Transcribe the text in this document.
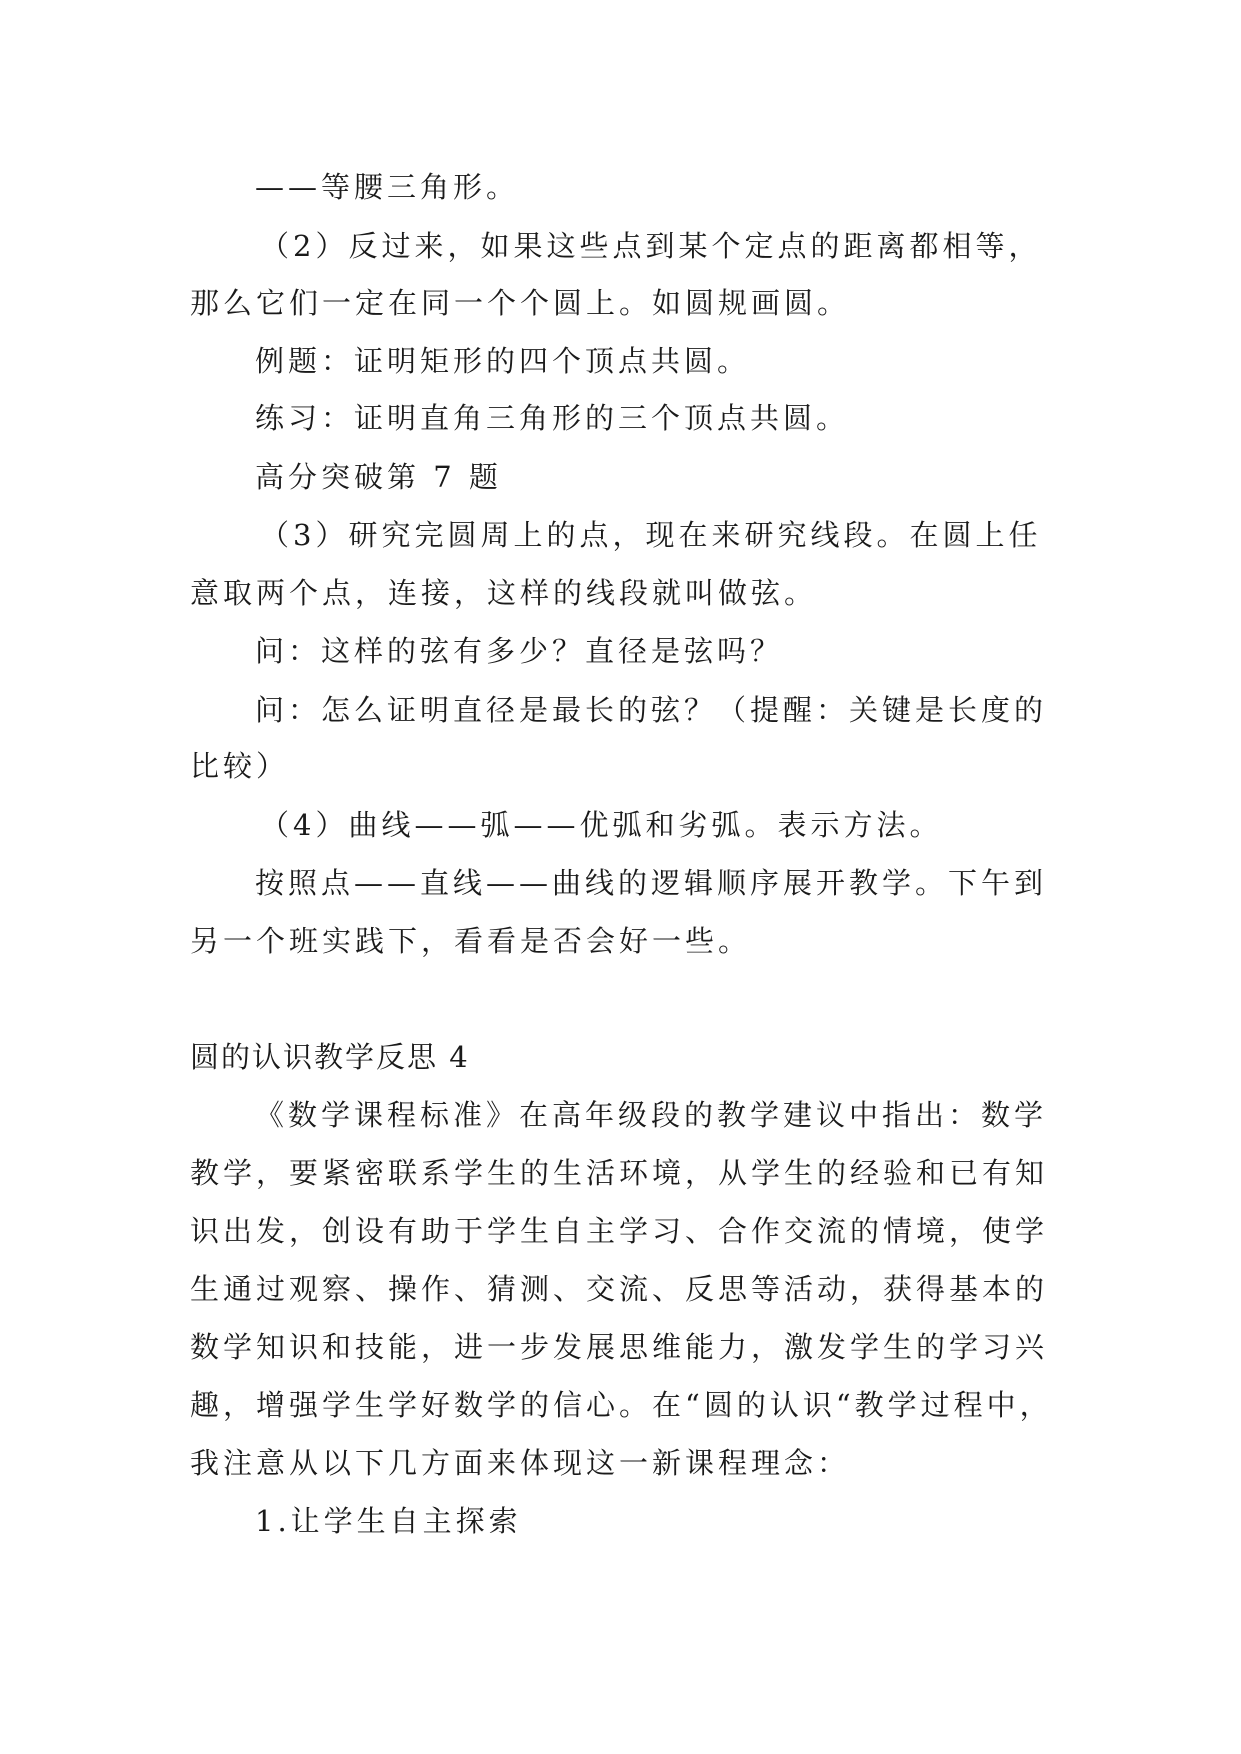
——等腰三角形。
（2）反过来，如果这些点到某个定点的距离都相等，
那么它们一定在同一个个圆上。如圆规画圆。
例题：证明矩形的四个顶点共圆。
练习：证明直角三角形的三个顶点共圆。
高分突破第 7 题
（3）研究完圆周上的点，现在来研究线段。在圆上任
意取两个点，连接，这样的线段就叫做弦。
问：这样的弦有多少？直径是弦吗？
问：怎么证明直径是最长的弦？（提醒：关键是长度的
比较）
（4）曲线——弧——优弧和劣弧。表示方法。
按照点——直线——曲线的逻辑顺序展开教学。下午到
另一个班实践下，看看是否会好一些。
圆的认识教学反思 4
《数学课程标准》在高年级段的教学建议中指出：数学
教学，要紧密联系学生的生活环境，从学生的经验和已有知
识出发，创设有助于学生自主学习、合作交流的情境，使学
生通过观察、操作、猜测、交流、反思等活动，获得基本的
数学知识和技能，进一步发展思维能力，激发学生的学习兴
趣，增强学生学好数学的信心。在“圆的认识“教学过程中，
我注意从以下几方面来体现这一新课程理念：
1.让学生自主探索
